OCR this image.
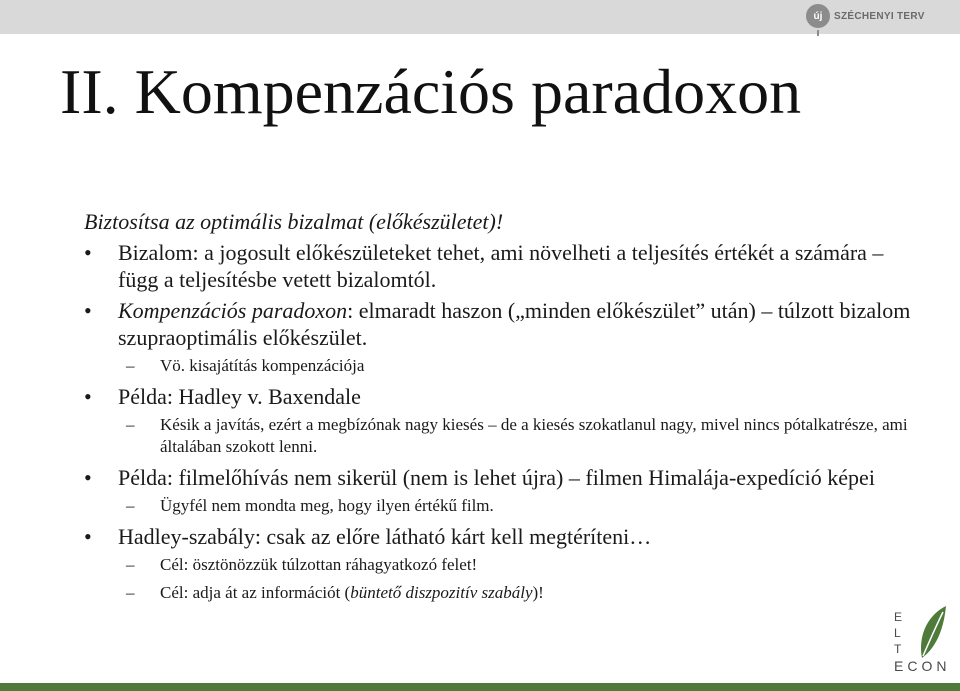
új	SZÉCHENYI TERV
II. Kompenzációs paradoxon

Biztosítsa az optimális bizalmat (előkészületet)!

• Bizalom: a jogosult előkészületeket tehet, ami növelheti a teljesítés értékét a számára – függ a teljesítésbe vetett bizalomtól.
• Kompenzációs paradoxon: elmaradt haszon („minden előkészület” után) – túlzott bizalom szupraoptimális előkészület.
– Vö. kisajátítás kompenzációja
• Példa: Hadley v. Baxendale
– Késik a javítás, ezért a megbízónak nagy kiesés – de a kiesés szokatlanul nagy, mivel nincs pótalkatrésze, ami általában szokott lenni.
• Példa: filmelőhívás nem sikerül (nem is lehet újra) – filmen Himalája-expedíció képei
– Ügyfél nem mondta meg, hogy ilyen értékű film.
• Hadley-szabály: csak az előre látható kárt kell megtéríteni…
– Cél: ösztönözzük túlzottan ráhagyatkozó felet!
– Cél: adja át az információt (büntető diszpozitív szabály)!
E
L
T
ECON
